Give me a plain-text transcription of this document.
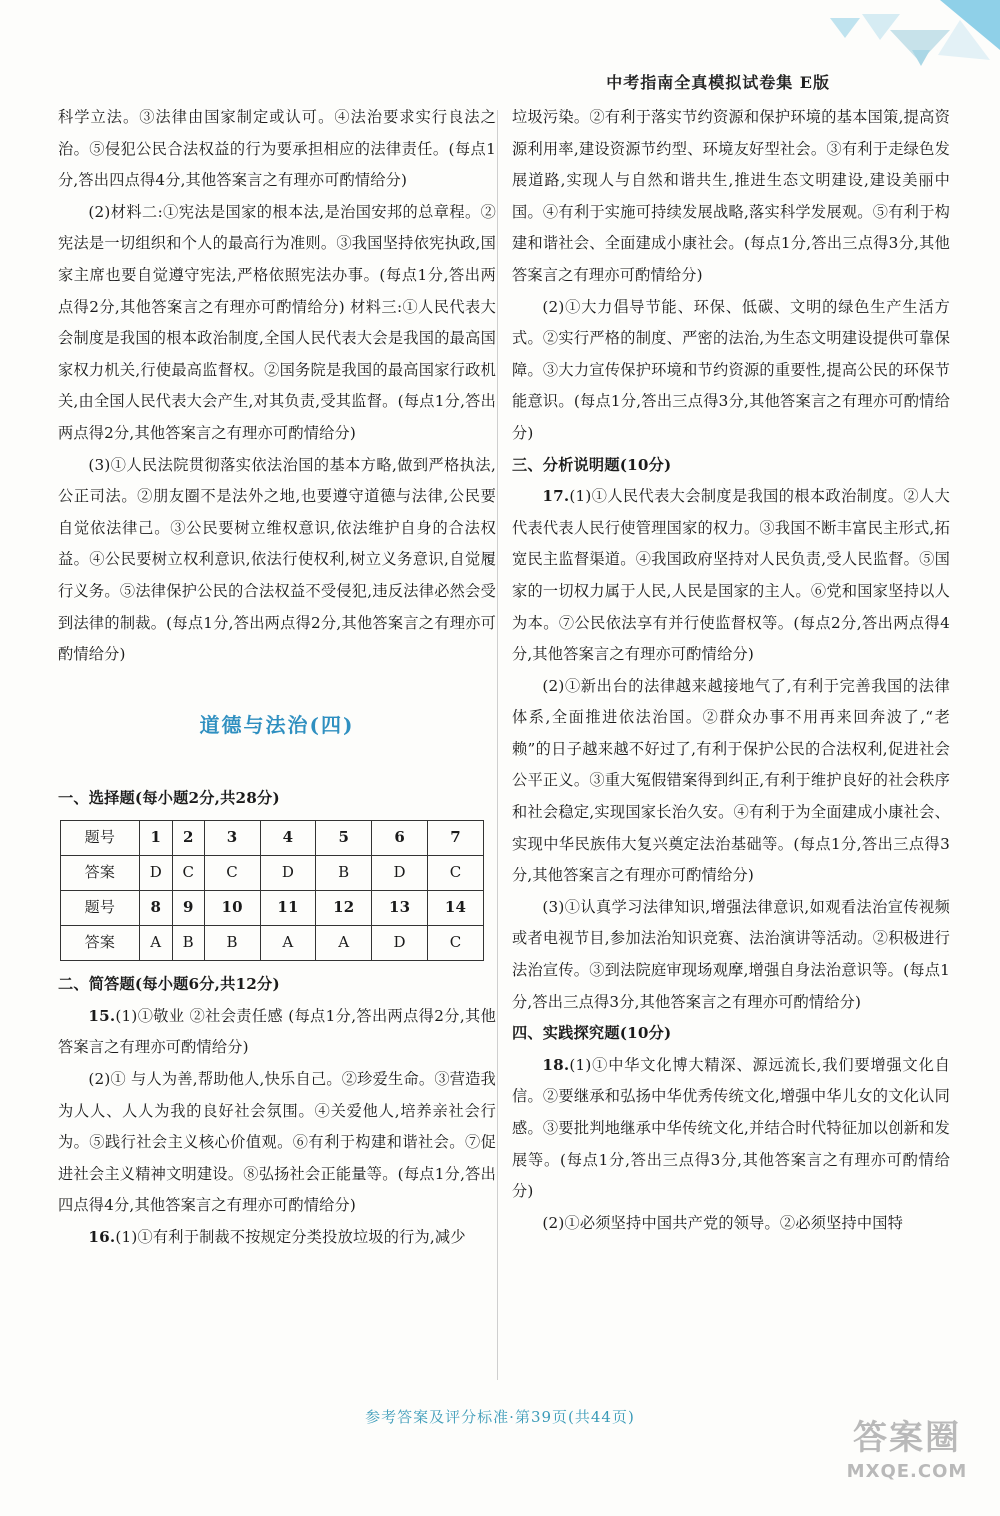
中考指南全真模拟试卷集 E版

科学立法。③法律由国家制定或认可。④法治要求实行良法之治。⑤侵犯公民合法权益的行为要承担相应的法律责任。(每点1分,答出四点得4分,其他答案言之有理亦可酌情给分)

(2)材料二:①宪法是国家的根本法,是治国安邦的总章程。②宪法是一切组织和个人的最高行为准则。③我国坚持依宪执政,国家主席也要自觉遵守宪法,严格依照宪法办事。(每点1分,答出两点得2分,其他答案言之有理亦可酌情给分) 材料三:①人民代表大会制度是我国的根本政治制度,全国人民代表大会是我国的最高国家权力机关,行使最高监督权。②国务院是我国的最高国家行政机关,由全国人民代表大会产生,对其负责,受其监督。(每点1分,答出两点得2分,其他答案言之有理亦可酌情给分)

(3)①人民法院贯彻落实依法治国的基本方略,做到严格执法,公正司法。②朋友圈不是法外之地,也要遵守道德与法律,公民要自觉依法律己。③公民要树立维权意识,依法维护自身的合法权益。④公民要树立权利意识,依法行使权利,树立义务意识,自觉履行义务。⑤法律保护公民的合法权益不受侵犯,违反法律必然会受到法律的制裁。(每点1分,答出两点得2分,其他答案言之有理亦可酌情给分)

道德与法治(四)

一、选择题(每小题2分,共28分)

题号	1	2	3	4	5	6	7
答案	D	C	C	D	B	D	C
题号	8	9	10	11	12	13	14
答案	A	B	B	A	A	D	C

二、简答题(每小题6分,共12分)

15.(1)①敬业 ②社会责任感 (每点1分,答出两点得2分,其他答案言之有理亦可酌情给分)

(2)① 与人为善,帮助他人,快乐自己。②珍爱生命。③营造我为人人、人人为我的良好社会氛围。④关爱他人,培养亲社会行为。⑤践行社会主义核心价值观。⑥有利于构建和谐社会。⑦促进社会主义精神文明建设。⑧弘扬社会正能量等。(每点1分,答出四点得4分,其他答案言之有理亦可酌情给分)

16.(1)①有利于制裁不按规定分类投放垃圾的行为,减少

垃圾污染。②有利于落实节约资源和保护环境的基本国策,提高资源利用率,建设资源节约型、环境友好型社会。③有利于走绿色发展道路,实现人与自然和谐共生,推进生态文明建设,建设美丽中国。④有利于实施可持续发展战略,落实科学发展观。⑤有利于构建和谐社会、全面建成小康社会。(每点1分,答出三点得3分,其他答案言之有理亦可酌情给分)

(2)①大力倡导节能、环保、低碳、文明的绿色生产生活方式。②实行严格的制度、严密的法治,为生态文明建设提供可靠保障。③大力宣传保护环境和节约资源的重要性,提高公民的环保节能意识。(每点1分,答出三点得3分,其他答案言之有理亦可酌情给分)

三、分析说明题(10分)

17.(1)①人民代表大会制度是我国的根本政治制度。②人大代表代表人民行使管理国家的权力。③我国不断丰富民主形式,拓宽民主监督渠道。④我国政府坚持对人民负责,受人民监督。⑤国家的一切权力属于人民,人民是国家的主人。⑥党和国家坚持以人为本。⑦公民依法享有并行使监督权等。(每点2分,答出两点得4分,其他答案言之有理亦可酌情给分)

(2)①新出台的法律越来越接地气了,有利于完善我国的法律体系,全面推进依法治国。②群众办事不用再来回奔波了,“老赖”的日子越来越不好过了,有利于保护公民的合法权利,促进社会公平正义。③重大冤假错案得到纠正,有利于维护良好的社会秩序和社会稳定,实现国家长治久安。④有利于为全面建成小康社会、实现中华民族伟大复兴奠定法治基础等。(每点1分,答出三点得3分,其他答案言之有理亦可酌情给分)

(3)①认真学习法律知识,增强法律意识,如观看法治宣传视频或者电视节目,参加法治知识竞赛、法治演讲等活动。②积极进行法治宣传。③到法院庭审现场观摩,增强自身法治意识等。(每点1分,答出三点得3分,其他答案言之有理亦可酌情给分)

四、实践探究题(10分)

18.(1)①中华文化博大精深、源远流长,我们要增强文化自信。②要继承和弘扬中华优秀传统文化,增强中华儿女的文化认同感。③要批判地继承中华传统文化,并结合时代特征加以创新和发展等。(每点1分,答出三点得3分,其他答案言之有理亦可酌情给分)

(2)①必须坚持中国共产党的领导。②必须坚持中国特

参考答案及评分标准·第39页(共44页)
答案圈
MXQE.COM
